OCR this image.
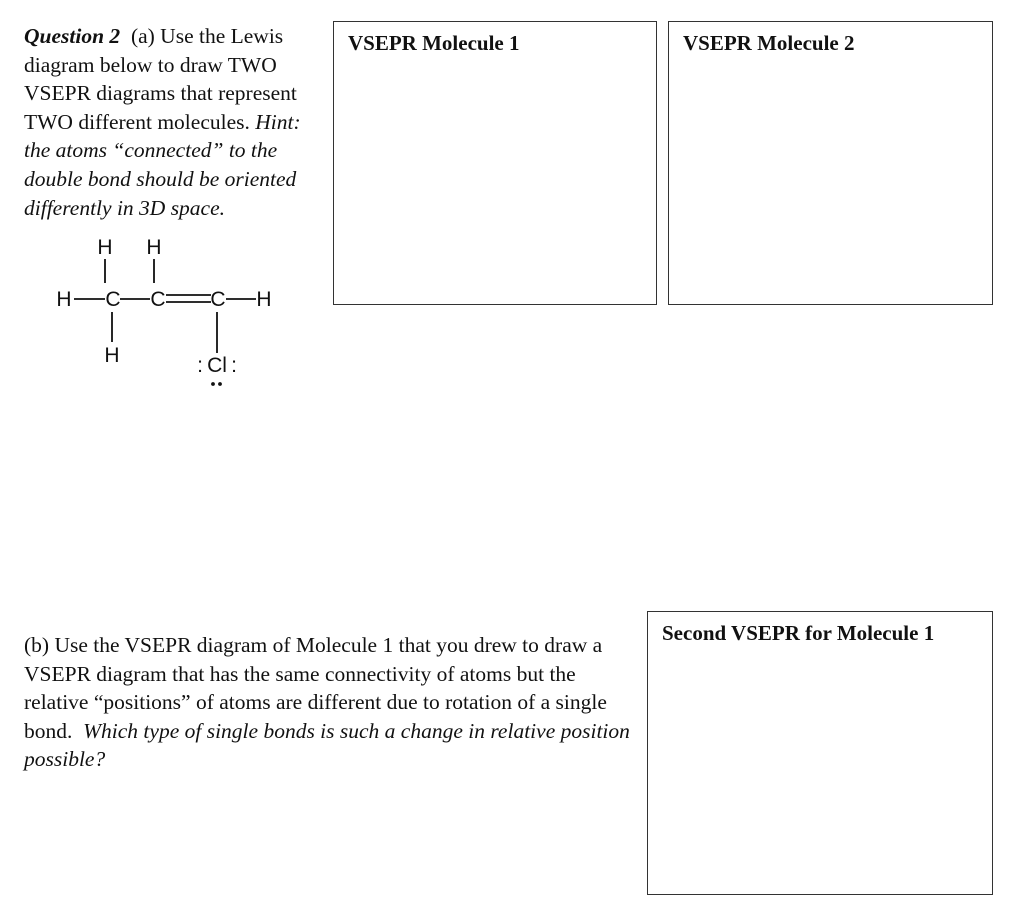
Question 2 (a) Use the Lewis diagram below to draw TWO VSEPR diagrams that represent TWO different molecules. Hint: the atoms “connected” to the double bond should be oriented differently in 3D space.
H H
H C C C H
H	: Cl :
VSEPR Molecule 1	VSEPR Molecule 2
(b) Use the VSEPR diagram of Molecule 1 that you drew to draw a VSEPR diagram that has the same connectivity of atoms but the relative “positions” of atoms are different due to rotation of a single bond. Which type of single bonds is such a change in relative position possible?
Second VSEPR for Molecule 1
